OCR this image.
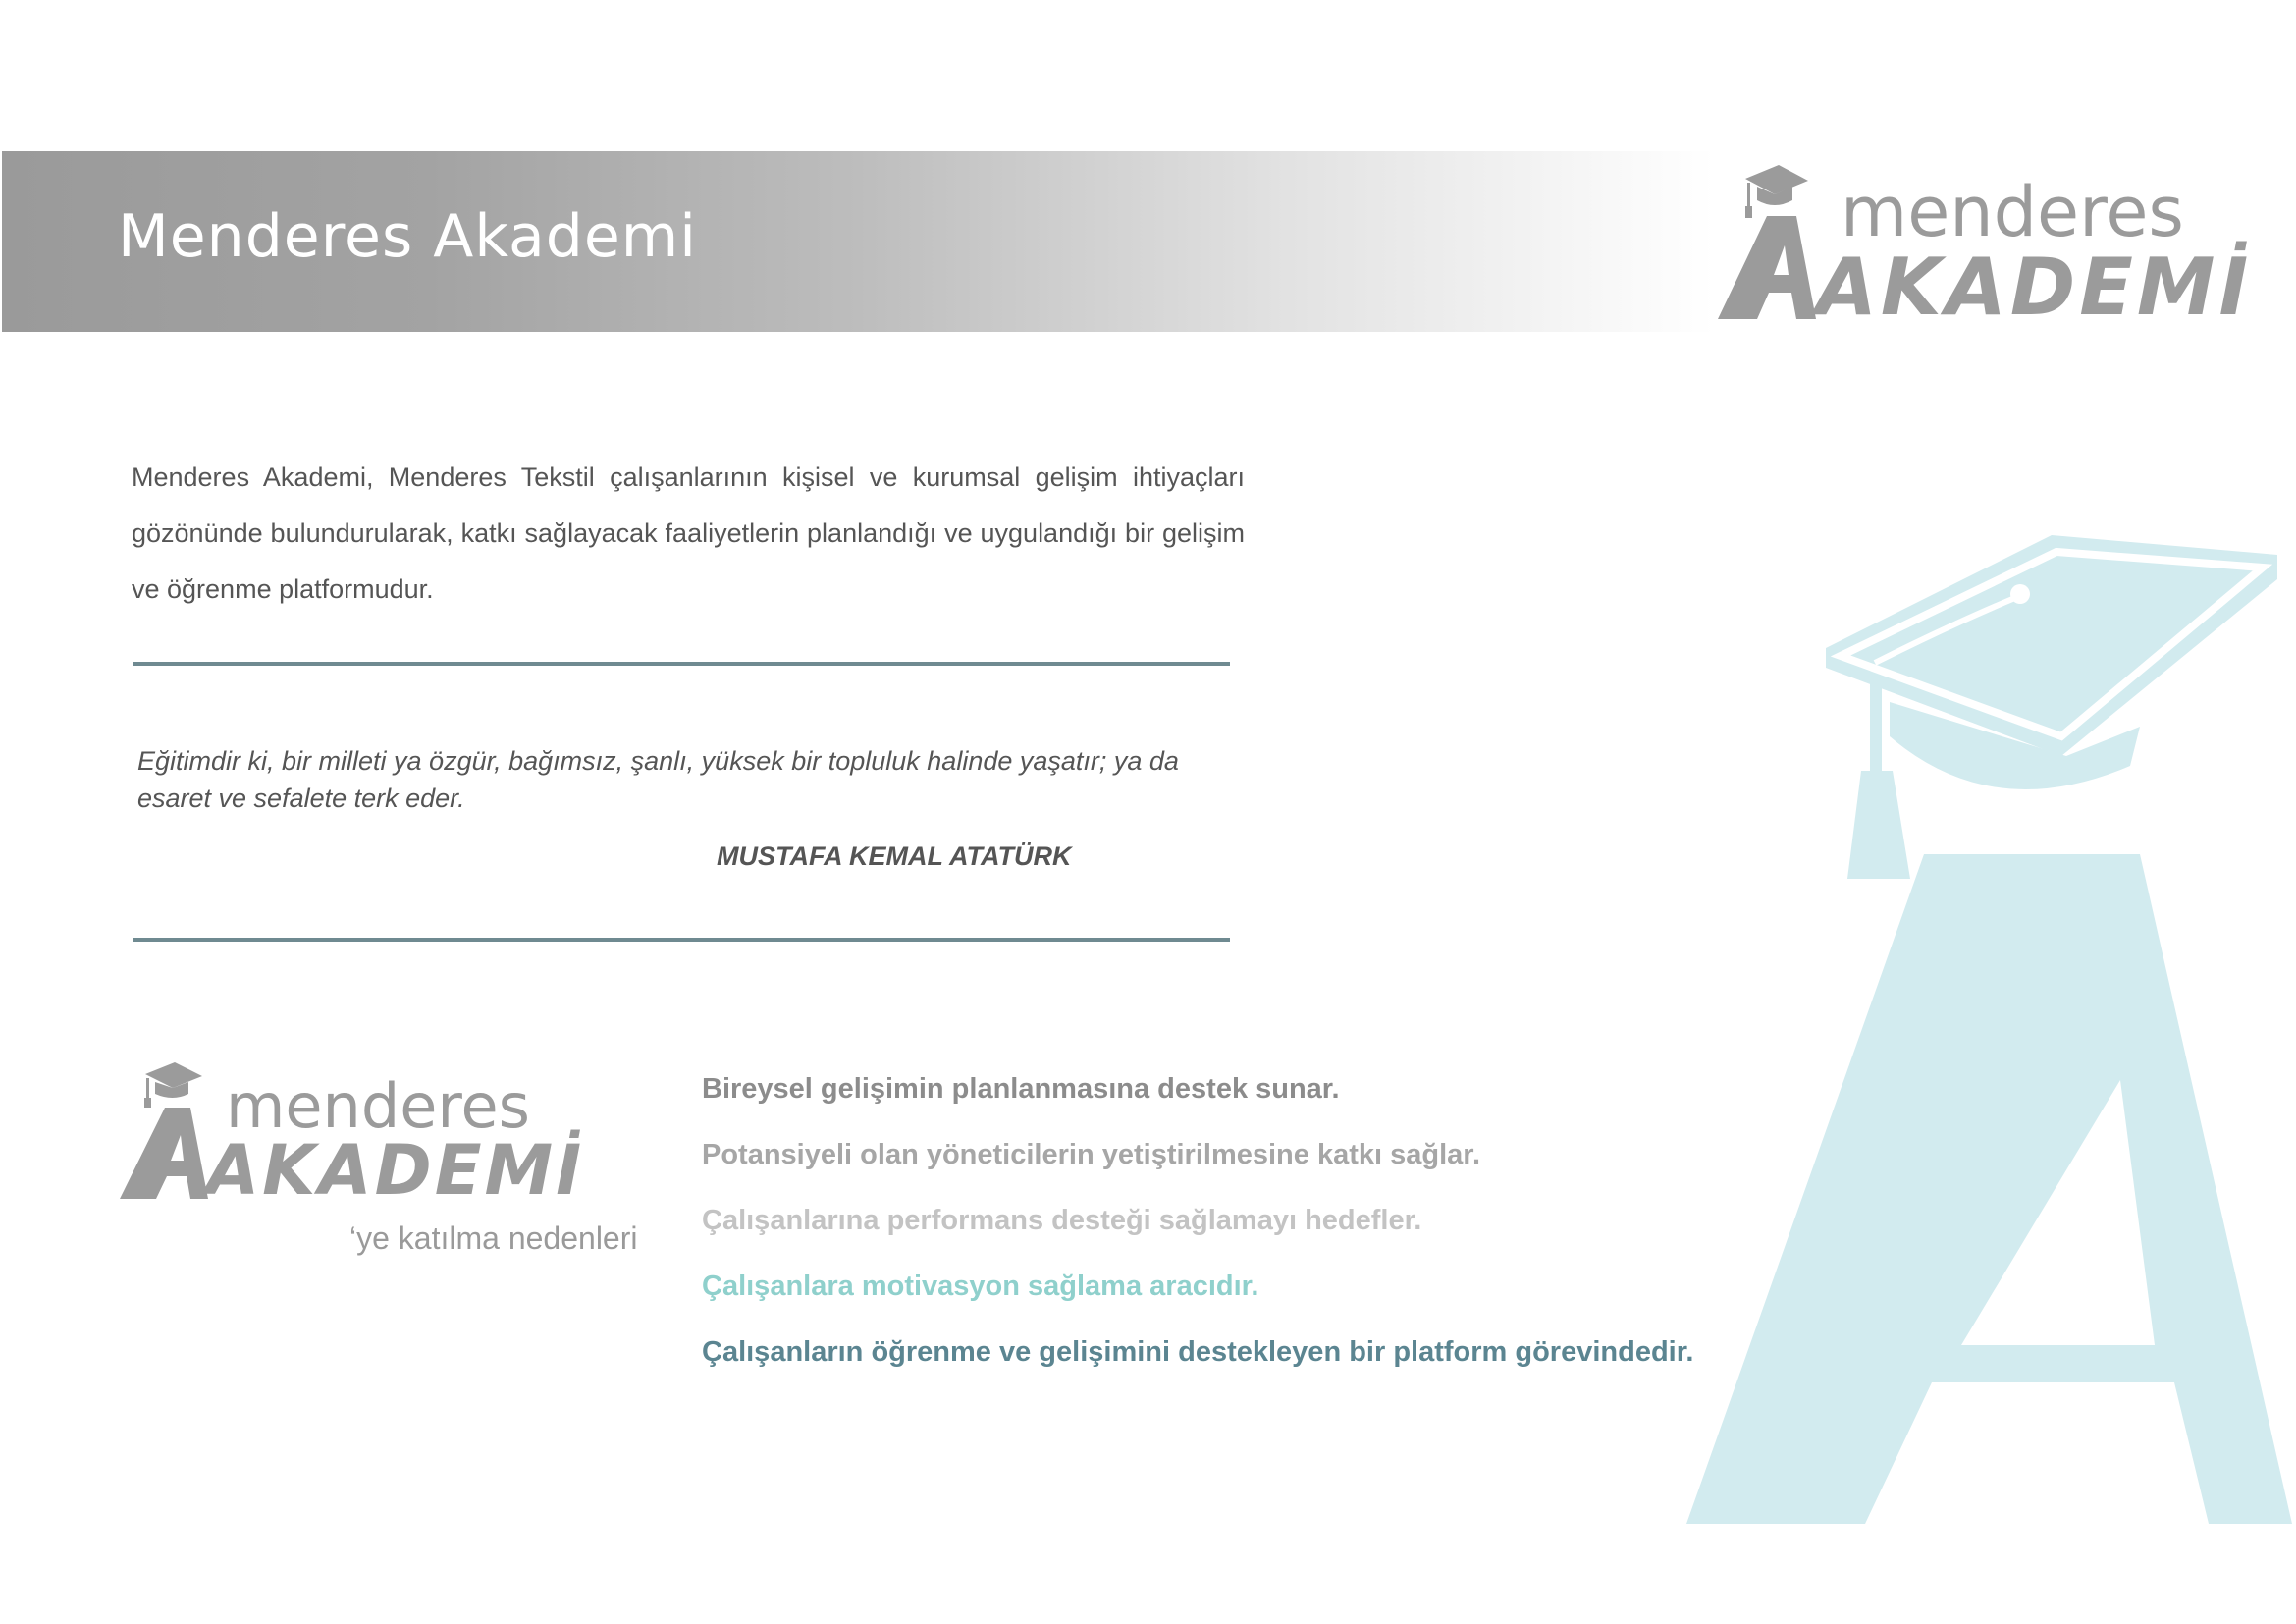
Menderes Akademi	menderes
AKADEMİ
Menderes Akademi, Menderes Tekstil çalışanlarının kişisel ve kurumsal gelişim ihtiyaçları gözönünde bulundurularak, katkı sağlayacak faaliyetlerin planlandığı ve uygulandığı bir gelişim ve öğrenme platformudur.
Eğitimdir ki, bir milleti ya özgür, bağımsız, şanlı, yüksek bir topluluk halinde yaşatır; ya da esaret ve sefalete terk eder.
MUSTAFA KEMAL ATATÜRK
menderes
AKADEMİ
‘ye katılma nedenleri
Bireysel gelişimin planlanmasına destek sunar.
Potansiyeli olan yöneticilerin yetiştirilmesine katkı sağlar.
Çalışanlarına performans desteği sağlamayı hedefler.
Çalışanlara motivasyon sağlama aracıdır.
Çalışanların öğrenme ve gelişimini destekleyen bir platform görevindedir.
